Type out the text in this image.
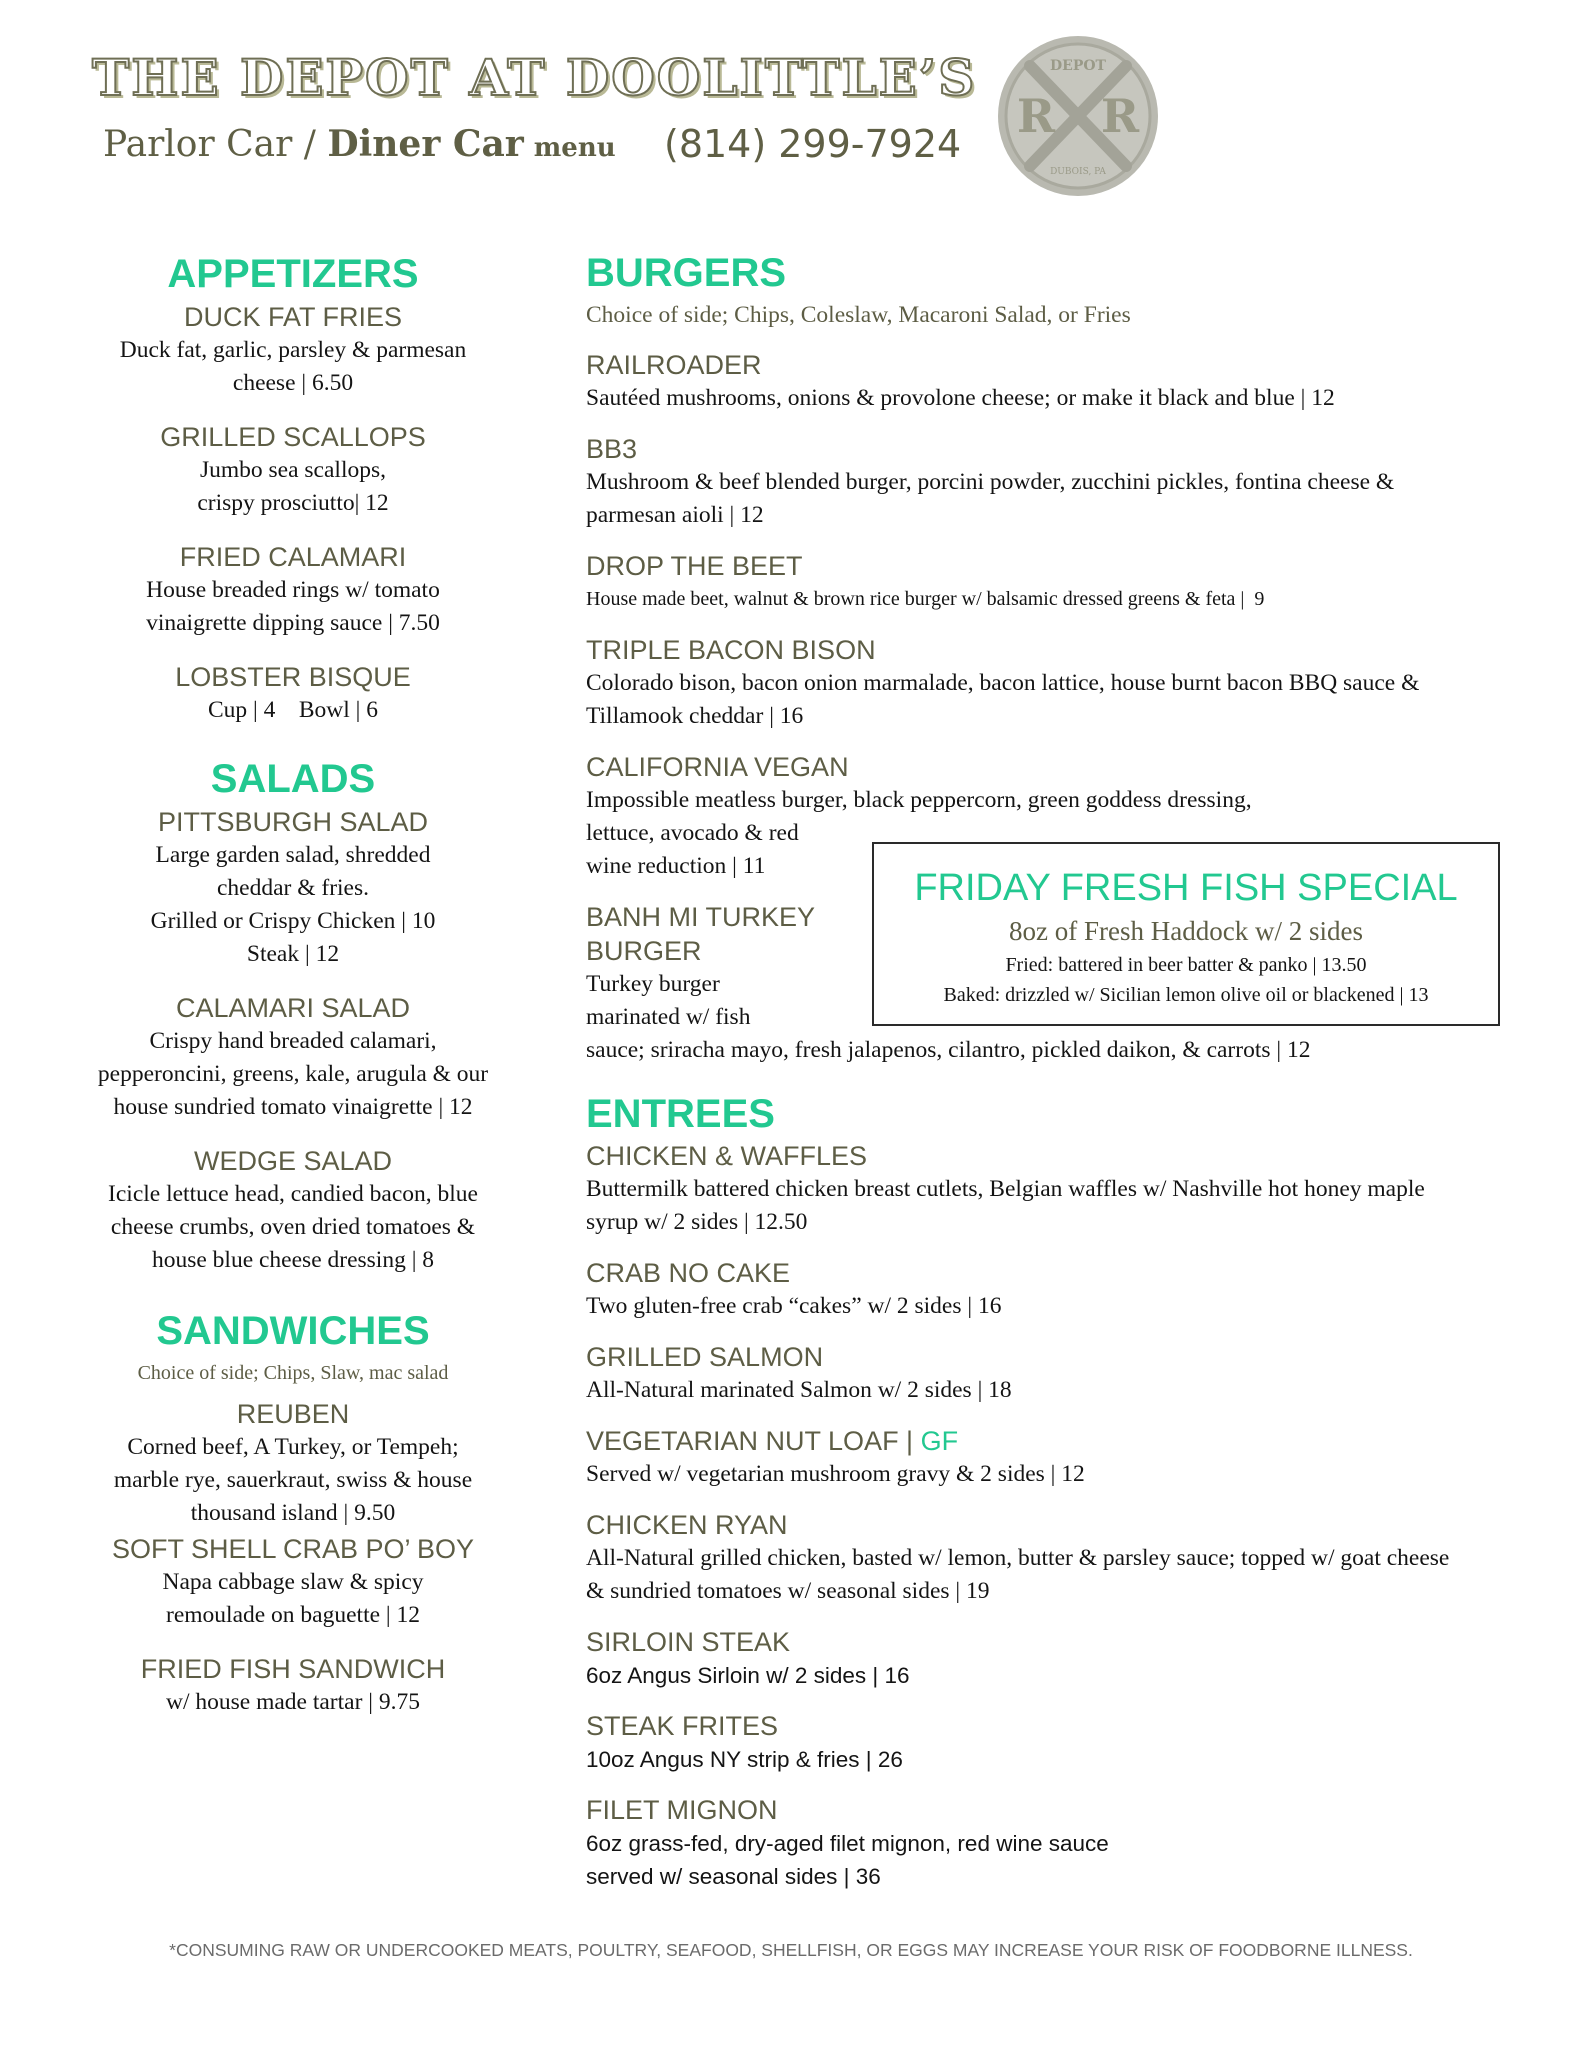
THE DEPOT AT DOOLITTLE’S

Parlor Car / Diner Car menu (814) 299-7924
DEPOT
R R
DUBOIS, PA
APPETIZERS

DUCK FAT FRIES

Duck fat, garlic, parsley & parmesan cheese | 6.50

GRILLED SCALLOPS

Jumbo sea scallops, crispy prosciutto| 12

FRIED CALAMARI

House breaded rings w/ tomato vinaigrette dipping sauce | 7.50

LOBSTER BISQUE

Cup | 4    Bowl | 6

SALADS

PITTSBURGH SALAD

Large garden salad, shredded cheddar & fries.

Grilled or Crispy Chicken | 10

Steak | 12

CALAMARI SALAD

Crispy hand breaded calamari, pepperoncini, greens, kale, arugula & our house sundried tomato vinaigrette | 12

WEDGE SALAD

Icicle lettuce head, candied bacon, blue cheese crumbs, oven dried tomatoes & house blue cheese dressing | 8

SANDWICHES

Choice of side; Chips, Slaw, mac salad

REUBEN

Corned beef, A Turkey, or Tempeh; marble rye, sauerkraut, swiss & house thousand island | 9.50

SOFT SHELL CRAB PO’ BOY

Napa cabbage slaw & spicy remoulade on baguette | 12

FRIED FISH SANDWICH

w/ house made tartar | 9.75

BURGERS

Choice of side; Chips, Coleslaw, Macaroni Salad, or Fries

RAILROADER

Sautéed mushrooms, onions & provolone cheese; or make it black and blue | 12

BB3

Mushroom & beef blended burger, porcini powder, zucchini pickles, fontina cheese & parmesan aioli | 12

DROP THE BEET

House made beet, walnut & brown rice burger w/ balsamic dressed greens & feta |  9

TRIPLE BACON BISON

Colorado bison, bacon onion marmalade, bacon lattice, house burnt bacon BBQ sauce & Tillamook cheddar | 16

CALIFORNIA VEGAN

Impossible meatless burger, black peppercorn, green goddess dressing,

lettuce, avocado & red wine reduction | 11

BANH MI TURKEY BURGER

Turkey burger marinated w/ fish

sauce; sriracha mayo, fresh jalapenos, cilantro, pickled daikon, & carrots | 12

ENTREES

CHICKEN & WAFFLES

Buttermilk battered chicken breast cutlets, Belgian waffles w/ Nashville hot honey maple syrup w/ 2 sides | 12.50

CRAB NO CAKE

Two gluten-free crab “cakes” w/ 2 sides | 16

GRILLED SALMON

All-Natural marinated Salmon w/ 2 sides | 18

VEGETARIAN NUT LOAF | GF

Served w/ vegetarian mushroom gravy & 2 sides | 12

CHICKEN RYAN

All-Natural grilled chicken, basted w/ lemon, butter & parsley sauce; topped w/ goat cheese & sundried tomatoes w/ seasonal sides | 19

SIRLOIN STEAK

6oz Angus Sirloin w/ 2 sides | 16

STEAK FRITES

10oz Angus NY strip & fries | 26

FILET MIGNON

6oz grass-fed, dry-aged filet mignon, red wine sauce

served w/ seasonal sides | 36

FRIDAY FRESH FISH SPECIAL

8oz of Fresh Haddock w/ 2 sides

Fried: battered in beer batter & panko | 13.50

Baked: drizzled w/ Sicilian lemon olive oil or blackened | 13

*CONSUMING RAW OR UNDERCOOKED MEATS, POULTRY, SEAFOOD, SHELLFISH, OR EGGS MAY INCREASE YOUR RISK OF FOODBORNE ILLNESS.
